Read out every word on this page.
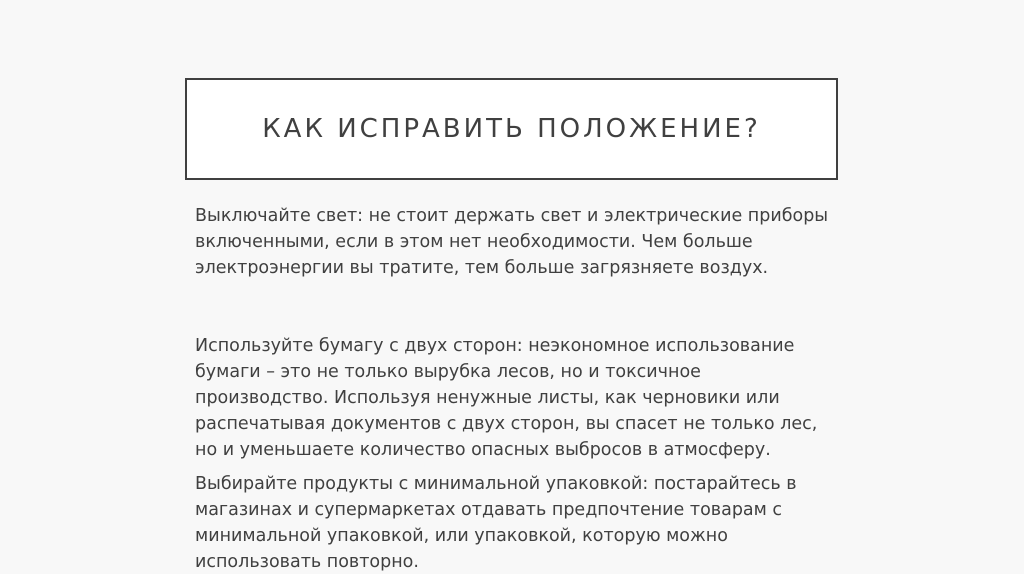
КАК ИСПРАВИТЬ ПОЛОЖЕНИЕ?

Выключайте свет: не стоит держать свет и электрические приборы включенными, если в этом нет необходимости. Чем больше электроэнергии вы тратите, тем больше загрязняете воздух.

Используйте бумагу с двух сторон: неэкономное использование бумаги – это не только вырубка лесов, но и токсичное производство. Используя ненужные листы, как черновики или распечатывая документов с двух сторон, вы спасет не только лес, но и уменьшаете количество опасных выбросов в атмосферу.

Выбирайте продукты с минимальной упаковкой: постарайтесь в магазинах и супермаркетах отдавать предпочтение товарам с минимальной упаковкой, или упаковкой, которую можно использовать повторно.
